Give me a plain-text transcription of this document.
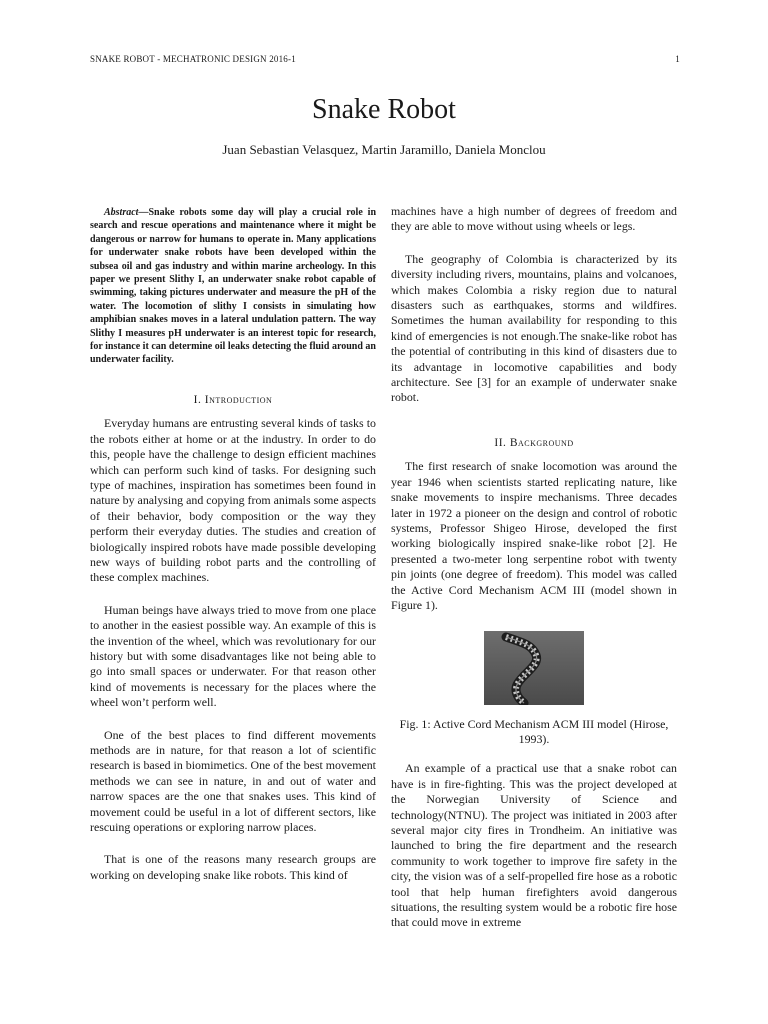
SNAKE ROBOT - MECHATRONIC DESIGN 2016-1	1
Snake Robot
Juan Sebastian Velasquez, Martin Jaramillo, Daniela Monclou

Abstract—Snake robots some day will play a crucial role in search and rescue operations and maintenance where it might be dangerous or narrow for humans to operate in. Many applications for underwater snake robots have been developed within the subsea oil and gas industry and within marine archeology. In this paper we present Slithy I, an underwater snake robot capable of swimming, taking pictures underwater and measure the pH of the water. The locomotion of slithy I consists in simulating how amphibian snakes moves in a lateral undulation pattern. The way Slithy I measures pH underwater is an interest topic for research, for instance it can determine oil leaks detecting the fluid around an underwater facility.

I. Introduction

Everyday humans are entrusting several kinds of tasks to the robots either at home or at the industry. In order to do this, people have the challenge to design efficient machines which can perform such kind of tasks. For designing such type of machines, inspiration has sometimes been found in nature by analysing and copying from animals some aspects of their behavior, body composition or the way they perform their everyday duties. The studies and creation of biologically inspired robots have made possible developing new ways of building robot parts and the controlling of these complex machines.

Human beings have always tried to move from one place to another in the easiest possible way. An example of this is the invention of the wheel, which was revolutionary for our history but with some disadvantages like not being able to go into small spaces or underwater. For that reason other kind of movements is necessary for the places where the wheel won’t perform well.

One of the best places to find different movements methods are in nature, for that reason a lot of scientific research is based in biomimetics. One of the best movement methods we can see in nature, in and out of water and narrow spaces are the one that snakes uses. This kind of movement could be useful in a lot of different sectors, like rescuing operations or exploring narrow places.

That is one of the reasons many research groups are working on developing snake like robots. This kind of

machines have a high number of degrees of freedom and they are able to move without using wheels or legs.

The geography of Colombia is characterized by its diversity including rivers, mountains, plains and volcanoes, which makes Colombia a risky region due to natural disasters such as earthquakes, storms and wildfires. Sometimes the human availability for responding to this kind of emergencies is not enough.The snake-like robot has the potential of contributing in this kind of disasters due to its advantage in locomotive capabilities and body architecture. See [3] for an example of underwater snake robot.

II. Background

The first research of snake locomotion was around the year 1946 when scientists started replicating nature, like snake movements to inspire mechanisms. Three decades later in 1972 a pioneer on the design and control of robotic systems, Professor Shigeo Hirose, developed the first working biologically inspired snake-like robot [2]. He presented a two-meter long serpentine robot with twenty pin joints (one degree of freedom). This model was called the Active Cord Mechanism ACM III (model shown in Figure 1).

Fig. 1: Active Cord Mechanism ACM III model (Hirose, 1993).

An example of a practical use that a snake robot can have is in fire-fighting. This was the project developed at the Norwegian University of Science and technology(NTNU). The project was initiated in 2003 after several major city fires in Trondheim. An initiative was launched to bring the fire department and the research community to work together to improve fire safety in the city, the vision was of a self-propelled fire hose as a robotic tool that help human firefighters avoid dangerous situations, the resulting system would be a robotic fire hose that could move in extreme
